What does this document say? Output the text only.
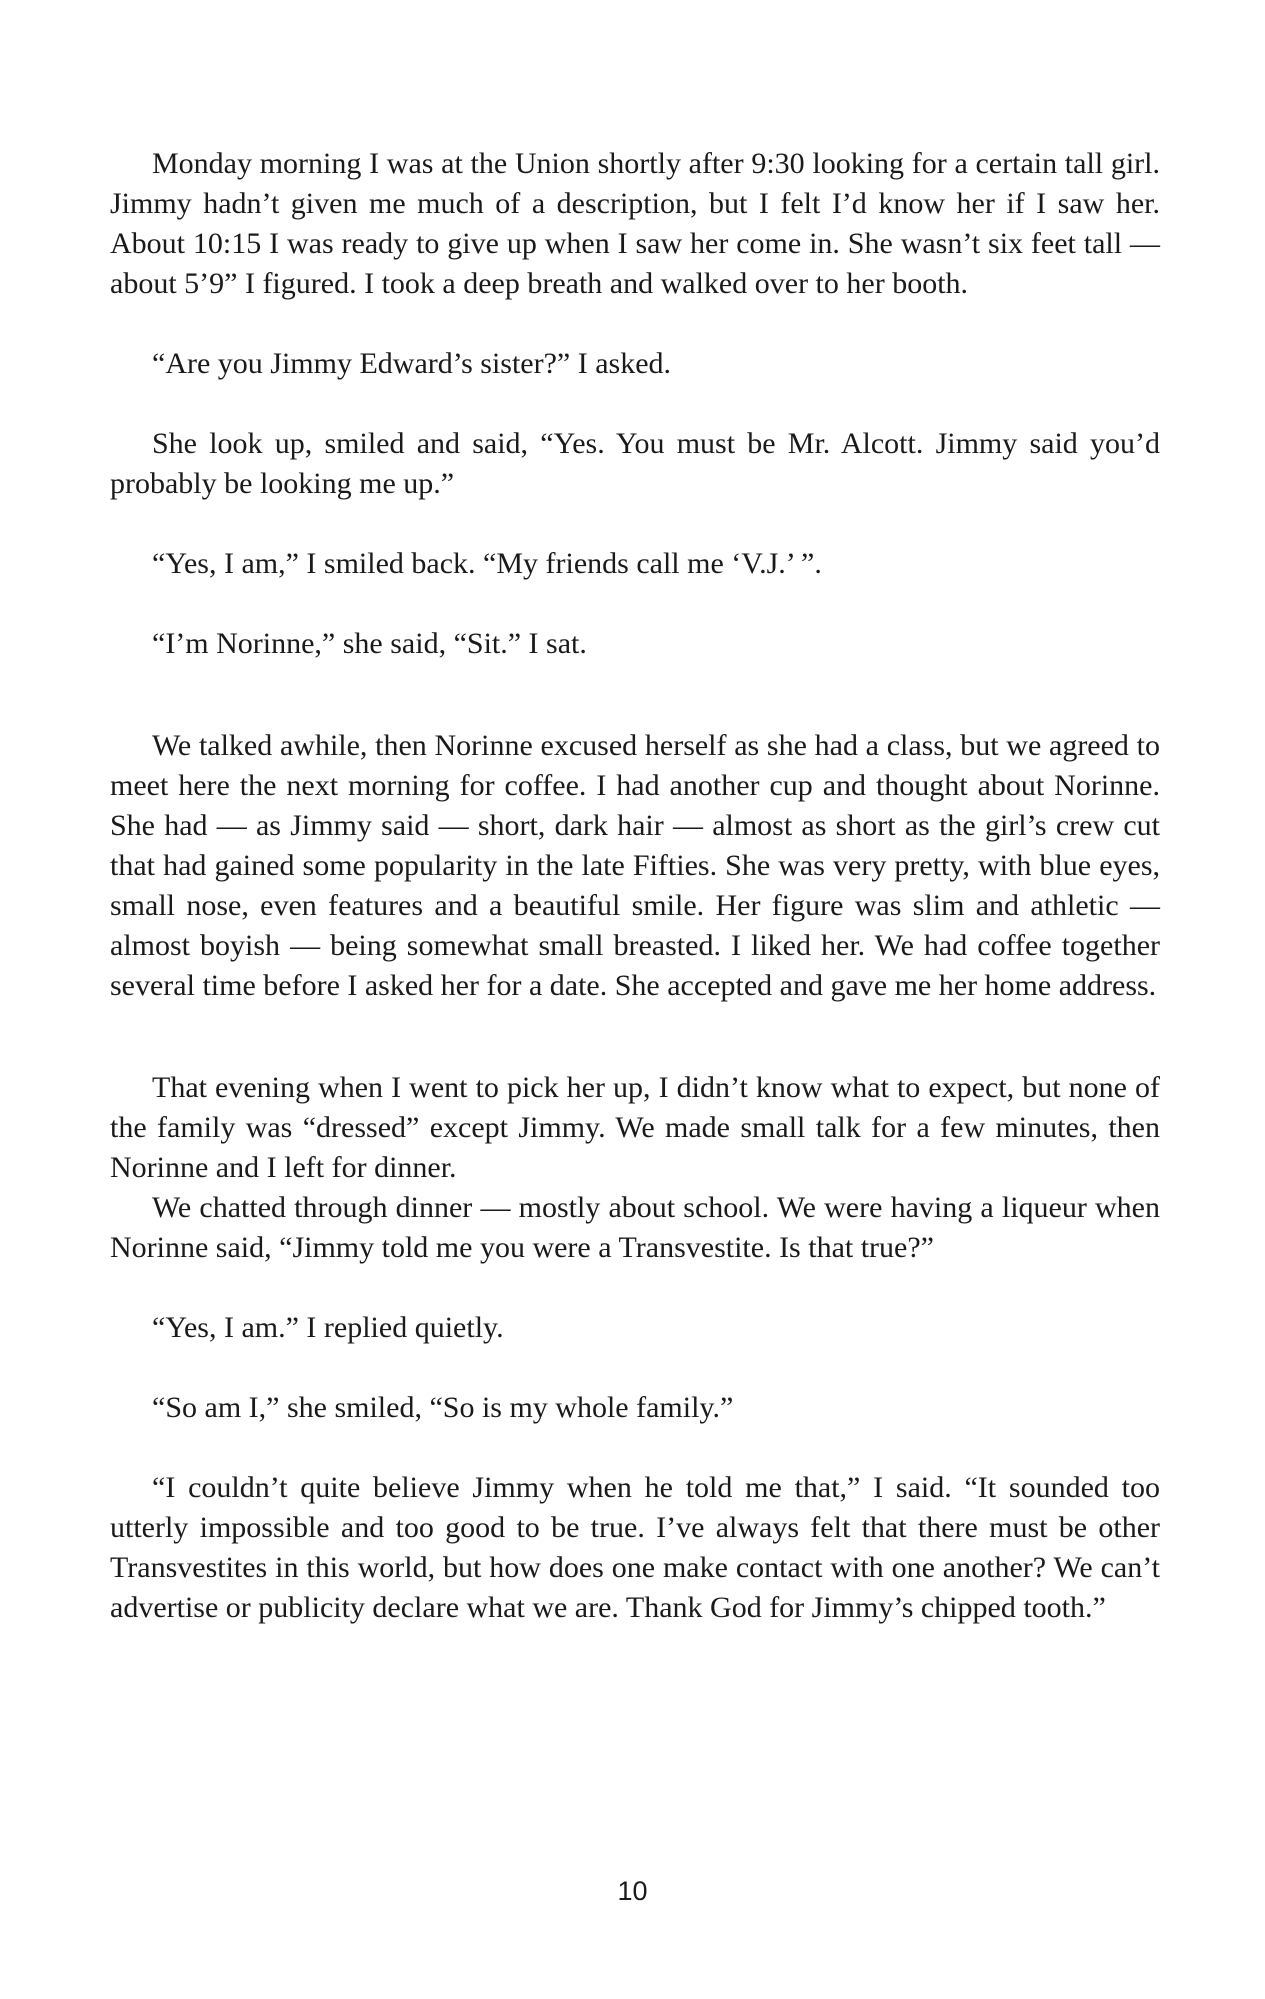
Monday morning I was at the Union shortly after 9:30 looking for a certain tall girl. Jimmy hadn’t given me much of a description, but I felt I’d know her if I saw her. About 10:15 I was ready to give up when I saw her come in. She wasn’t six feet tall — about 5’9” I figured. I took a deep breath and walked over to her booth.

“Are you Jimmy Edward’s sister?” I asked.

She look up, smiled and said, “Yes. You must be Mr. Alcott. Jimmy said you’d probably be looking me up.”

“Yes, I am,” I smiled back. “My friends call me ‘V.J.’ ”.

“I’m Norinne,” she said, “Sit.” I sat.

We talked awhile, then Norinne excused herself as she had a class, but we agreed to meet here the next morning for coffee. I had another cup and thought about Norinne. She had — as Jimmy said — short, dark hair — almost as short as the girl’s crew cut that had gained some popularity in the late Fifties. She was very pretty, with blue eyes, small nose, even features and a beautiful smile. Her figure was slim and athletic — almost boyish — being somewhat small breasted. I liked her. We had coffee together several time before I asked her for a date. She accepted and gave me her home address.

That evening when I went to pick her up, I didn’t know what to expect, but none of the family was “dressed” except Jimmy. We made small talk for a few minutes, then Norinne and I left for dinner.

We chatted through dinner — mostly about school. We were having a liqueur when Norinne said, “Jimmy told me you were a Transvestite. Is that true?”

“Yes, I am.” I replied quietly.

“So am I,” she smiled, “So is my whole family.”

“I couldn’t quite believe Jimmy when he told me that,” I said. “It sounded too utterly impossible and too good to be true. I’ve always felt that there must be other Transvestites in this world, but how does one make contact with one another? We can’t advertise or publicity declare what we are. Thank God for Jimmy’s chipped tooth.”

10
